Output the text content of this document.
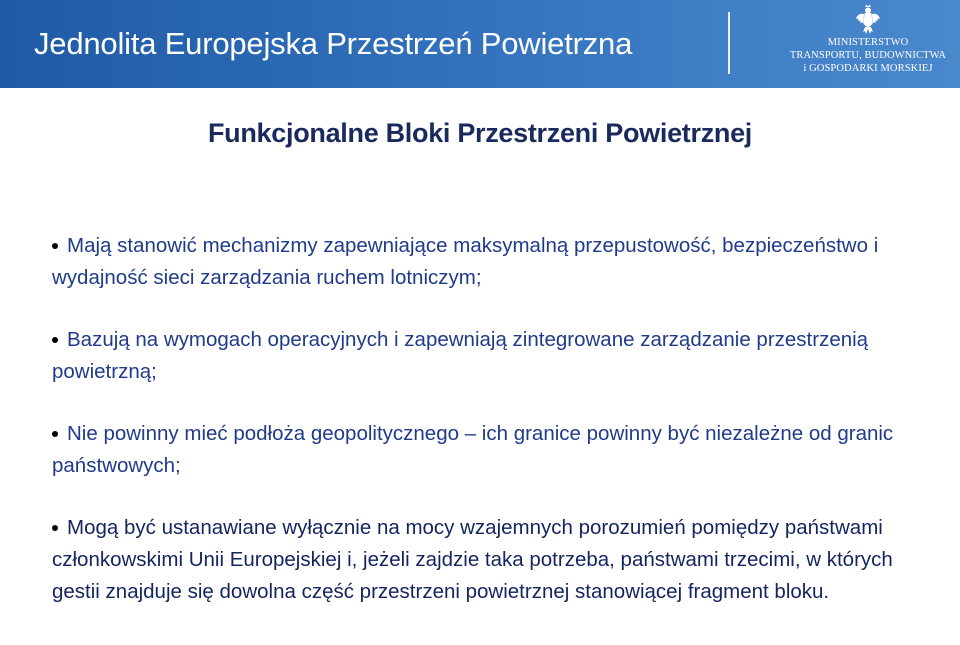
Jednolita Europejska Przestrzeń Powietrzna	MINISTERSTWO
TRANSPORTU, BUDOWNICTWA
i GOSPODARKI MORSKIEJ
Funkcjonalne Bloki Przestrzeni Powietrznej
Mają stanowić mechanizmy zapewniające maksymalną przepustowość, bezpieczeństwo i wydajność sieci zarządzania ruchem lotniczym;
Bazują na wymogach operacyjnych i zapewniają zintegrowane zarządzanie przestrzenią powietrzną;
Nie powinny mieć podłoża geopolitycznego – ich granice powinny być niezależne od granic państwowych;
Mogą być ustanawiane wyłącznie na mocy wzajemnych porozumień pomiędzy państwami członkowskimi Unii Europejskiej i, jeżeli zajdzie taka potrzeba, państwami trzecimi, w których gestii znajduje się dowolna część przestrzeni powietrznej stanowiącej fragment bloku.
